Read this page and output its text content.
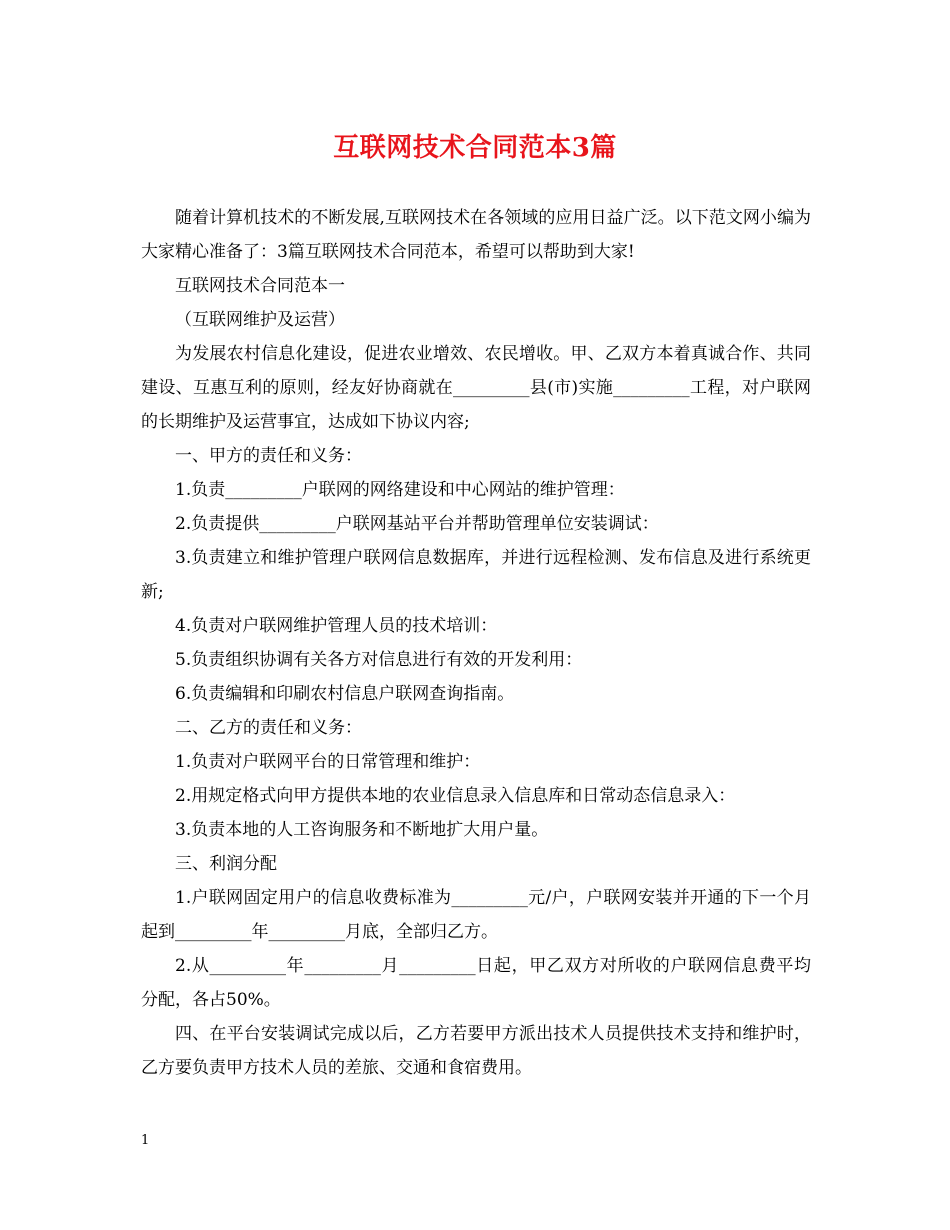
互联网技术合同范本3篇

随着计算机技术的不断发展,互联网技术在各领域的应用日益广泛。以下范文网小编为大家精心准备了：3篇互联网技术合同范本，希望可以帮助到大家!

互联网技术合同范本一

（互联网维护及运营）

为发展农村信息化建设，促进农业增效、农民增收。甲、乙双方本着真诚合作、共同建设、互惠互利的原则，经友好协商就在_________县(市)实施_________工程，对户联网的长期维护及运营事宜，达成如下协议内容;

一、甲方的责任和义务：

1.负责_________户联网的网络建设和中心网站的维护管理：

2.负责提供_________户联网基站平台并帮助管理单位安装调试：

3.负责建立和维护管理户联网信息数据库，并进行远程检测、发布信息及进行系统更新;

4.负责对户联网维护管理人员的技术培训：

5.负责组织协调有关各方对信息进行有效的开发利用：

6.负责编辑和印刷农村信息户联网查询指南。

二、乙方的责任和义务：

1.负责对户联网平台的日常管理和维护：

2.用规定格式向甲方提供本地的农业信息录入信息库和日常动态信息录入：

3.负责本地的人工咨询服务和不断地扩大用户量。

三、利润分配

1.户联网固定用户的信息收费标准为_________元/户，户联网安装并开通的下一个月起到_________年_________月底，全部归乙方。

2.从_________年_________月_________日起，甲乙双方对所收的户联网信息费平均分配，各占50%。

四、在平台安装调试完成以后，乙方若要甲方派出技术人员提供技术支持和维护时，乙方要负责甲方技术人员的差旅、交通和食宿费用。

1
